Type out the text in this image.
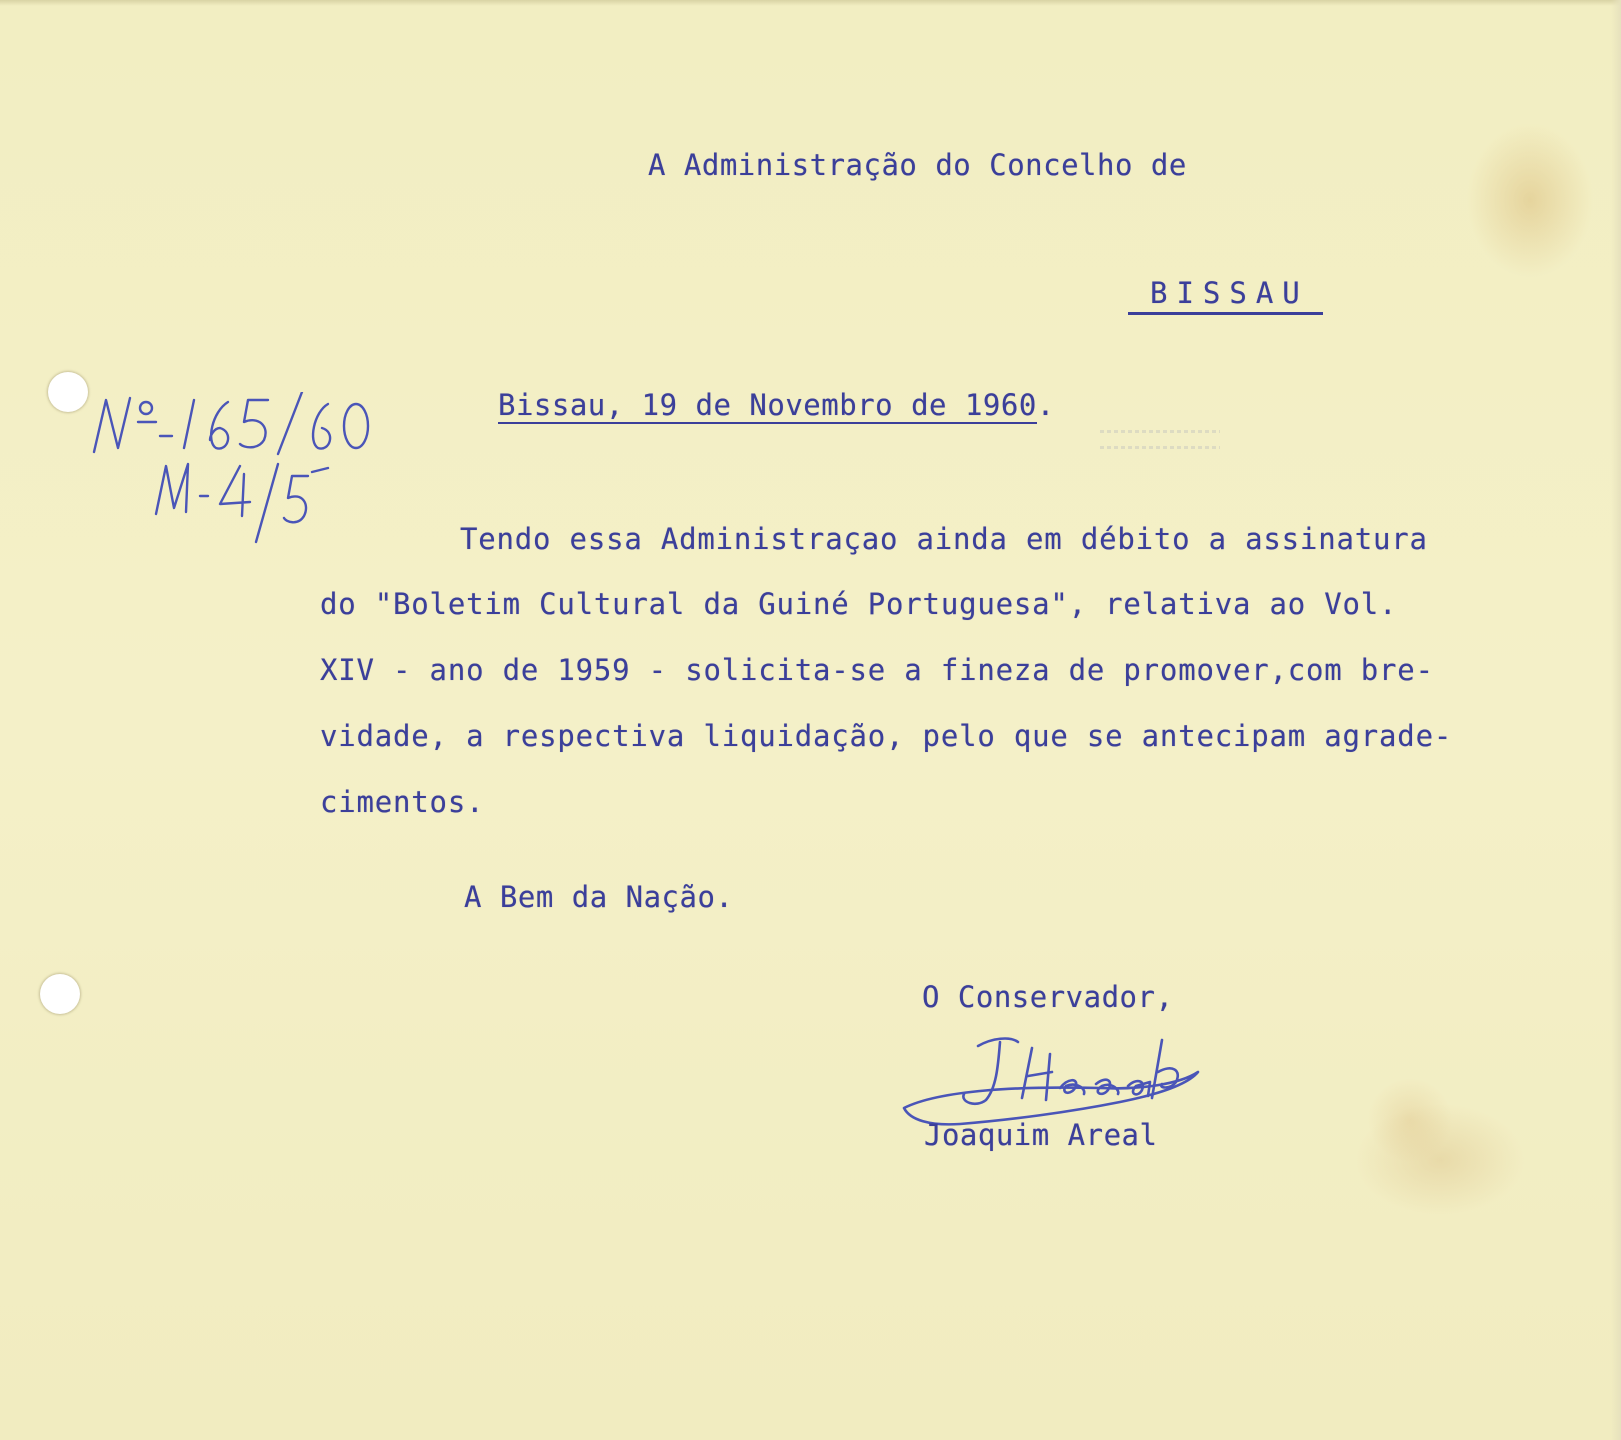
A Administração do Concelho de

BISSAU

Bissau, 19 de Novembro de 1960.

Tendo essa Administraçao ainda em débito a assinatura

do "Boletim Cultural da Guiné Portuguesa", relativa ao Vol.

XIV - ano de 1959 - solicita-se a fineza de promover,com bre-

vidade, a respectiva liquidação, pelo que se antecipam agrade-

cimentos.

A Bem da Nação.

O Conservador,

Joaquim Areal
